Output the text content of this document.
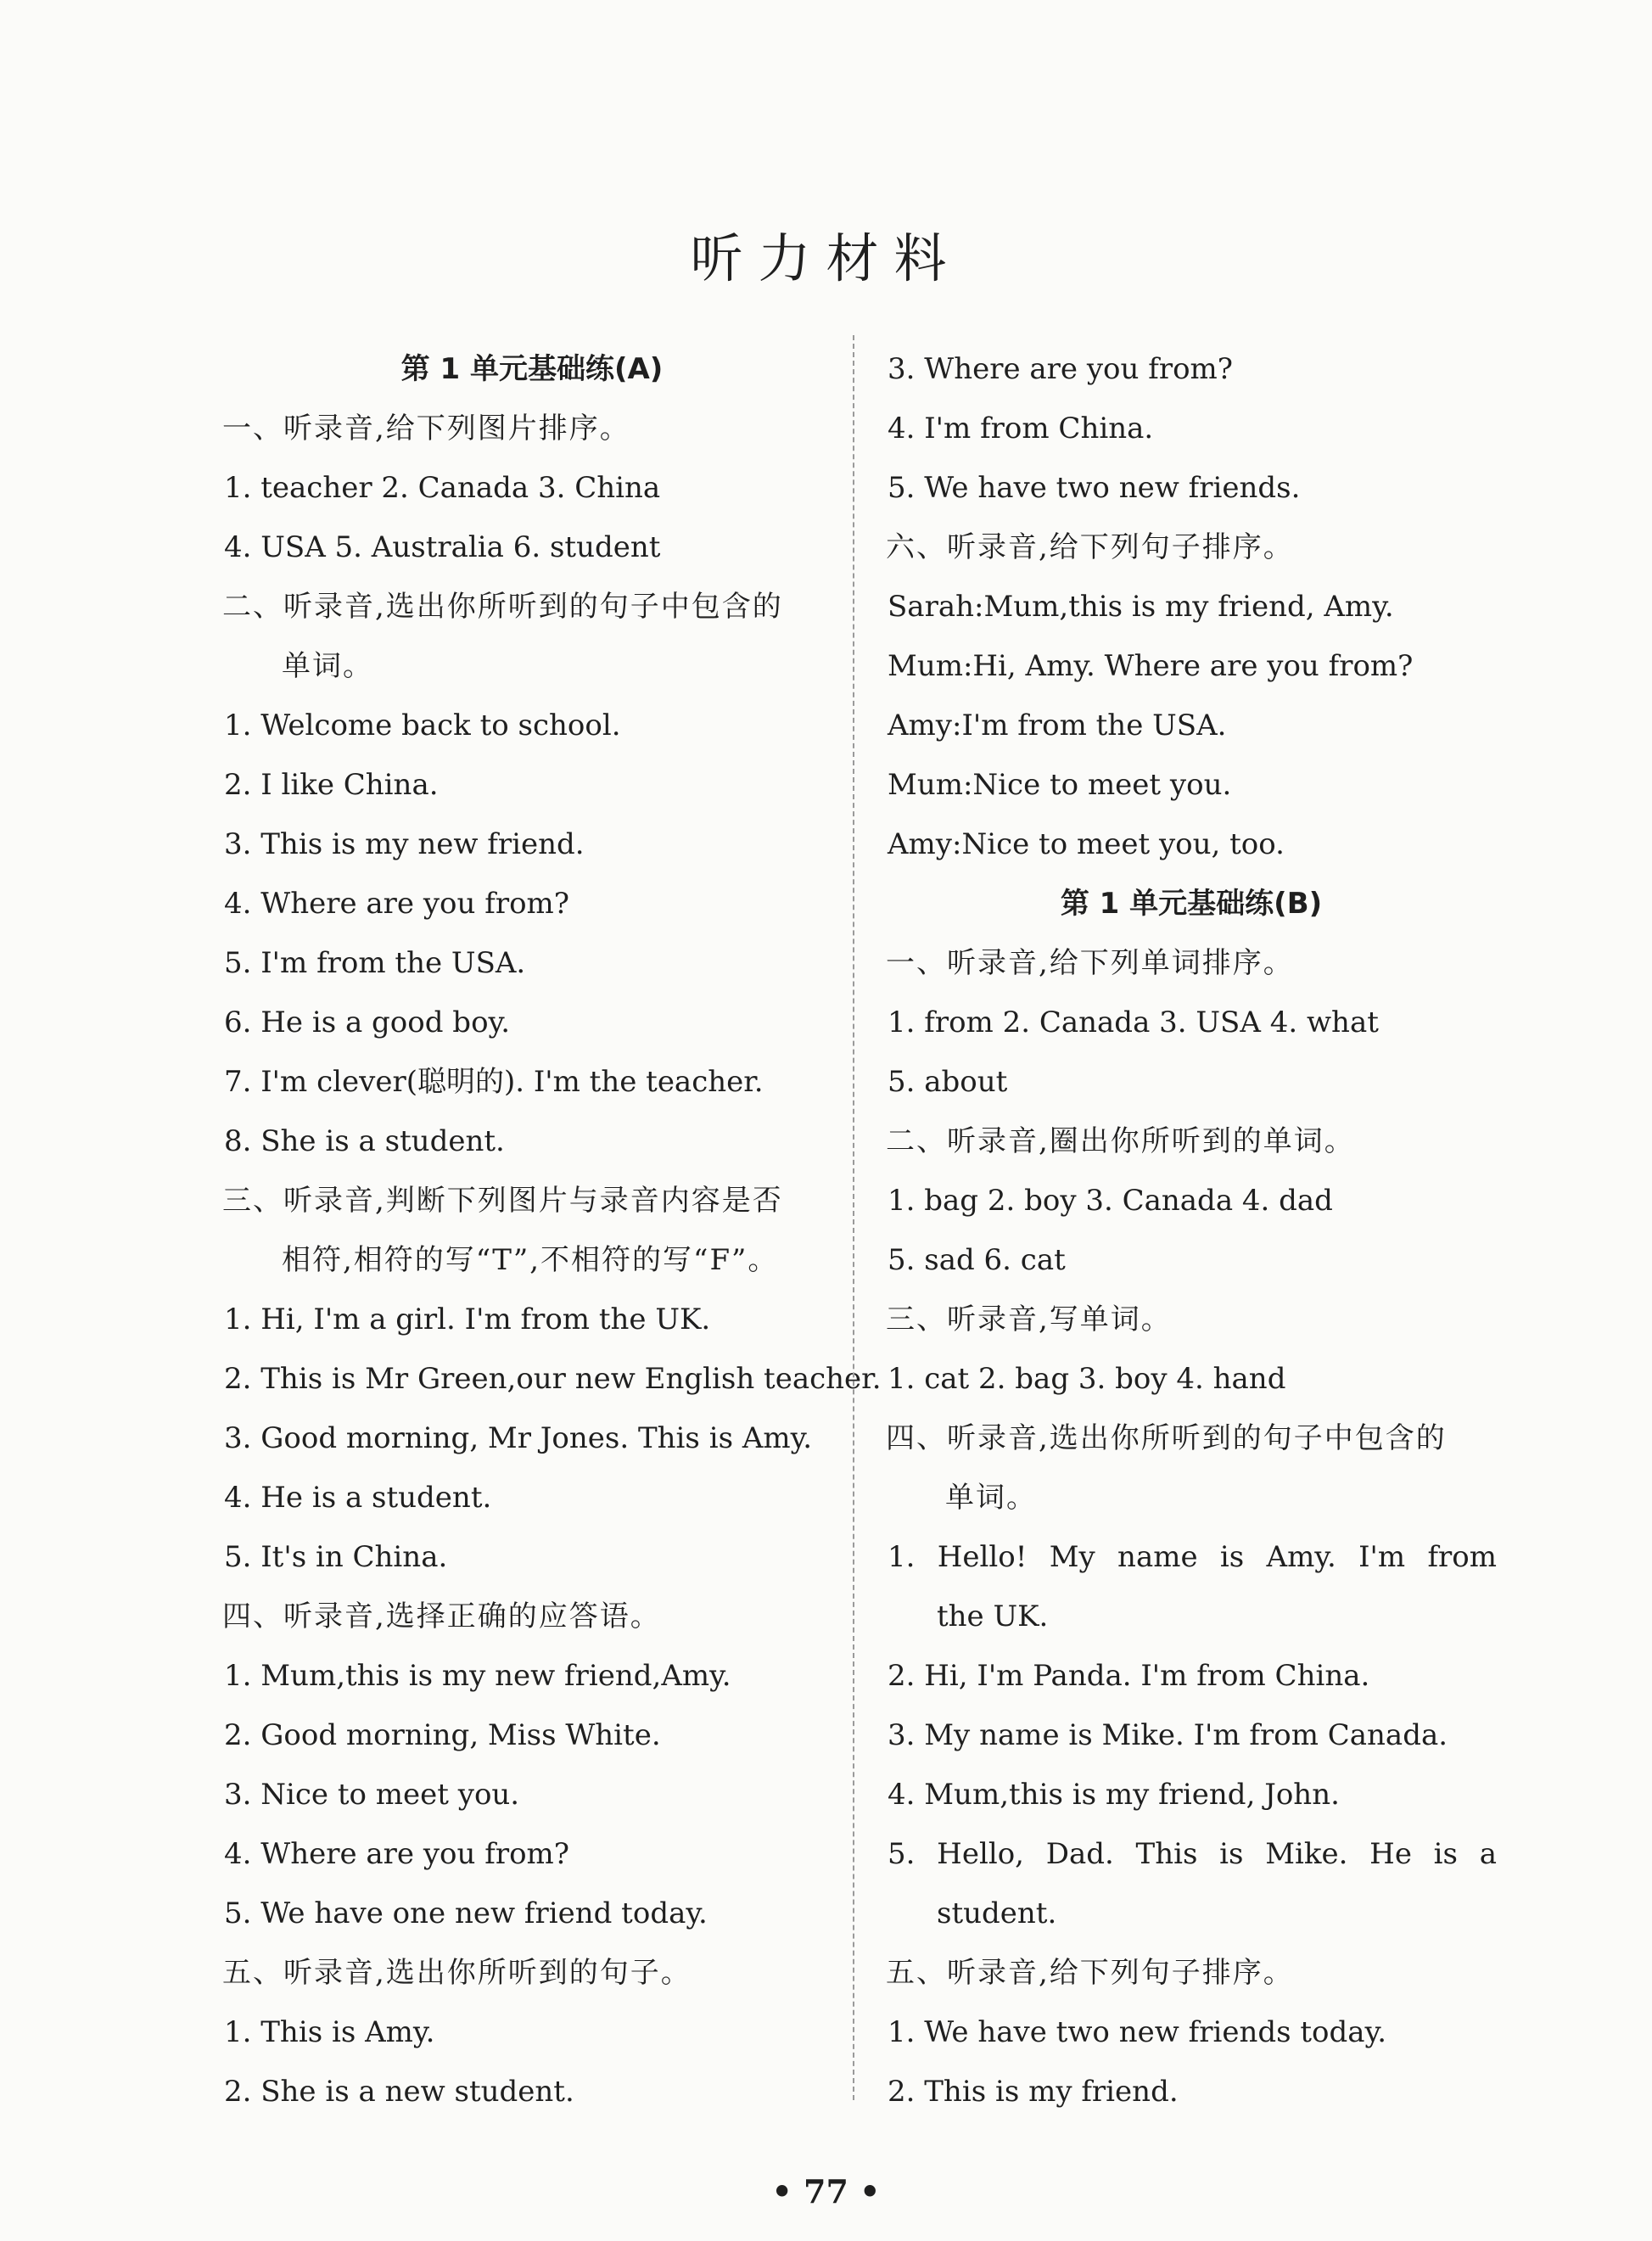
听力材料
第 1 单元基础练(A)
一、听录音,给下列图片排序。
1. teacher 2. Canada 3. China
4. USA 5. Australia 6. student
二、听录音,选出你所听到的句子中包含的
单词。
1. Welcome back to school.
2. I like China.
3. This is my new friend.
4. Where are you from?
5. I'm from the USA.
6. He is a good boy.
7. I'm clever(聪明的). I'm the teacher.
8. She is a student.
三、听录音,判断下列图片与录音内容是否
相符,相符的写“T”,不相符的写“F”。
1. Hi, I'm a girl. I'm from the UK.
2. This is Mr Green,our new English teacher.
3. Good morning, Mr Jones. This is Amy.
4. He is a student.
5. It's in China.
四、听录音,选择正确的应答语。
1. Mum,this is my new friend,Amy.
2. Good morning, Miss White.
3. Nice to meet you.
4. Where are you from?
5. We have one new friend today.
五、听录音,选出你所听到的句子。
1. This is Amy.
2. She is a new student.
3. Where are you from?
4. I'm from China.
5. We have two new friends.
六、听录音,给下列句子排序。
Sarah:Mum,this is my friend, Amy.
Mum:Hi, Amy. Where are you from?
Amy:I'm from the USA.
Mum:Nice to meet you.
Amy:Nice to meet you, too.
第 1 单元基础练(B)
一、听录音,给下列单词排序。
1. from 2. Canada 3. USA 4. what
5. about
二、听录音,圈出你所听到的单词。
1. bag 2. boy 3. Canada 4. dad
5. sad 6. cat
三、听录音,写单词。
1. cat 2. bag 3. boy 4. hand
四、听录音,选出你所听到的句子中包含的
单词。
1. Hello! My name is Amy. I'm from
the UK.
2. Hi, I'm Panda. I'm from China.
3. My name is Mike. I'm from Canada.
4. Mum,this is my friend, John.
5. Hello, Dad. This is Mike. He is a
student.
五、听录音,给下列句子排序。
1. We have two new friends today.
2. This is my friend.
• 77 •
